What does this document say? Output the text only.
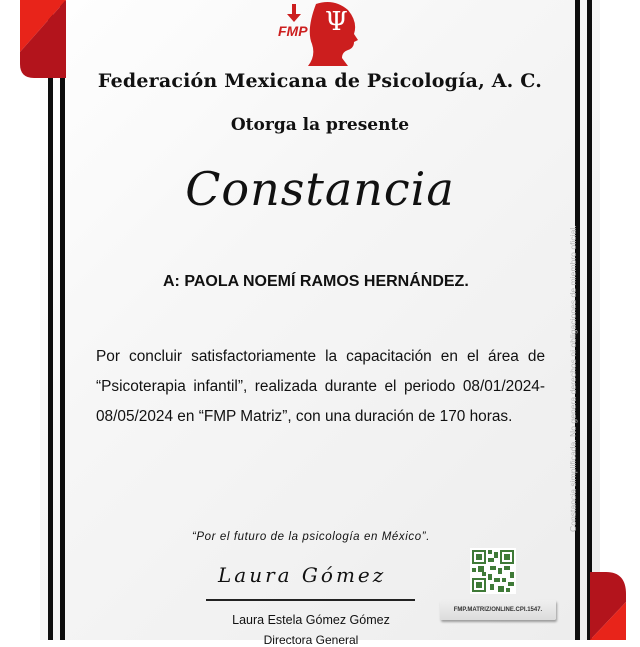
Ψ
FMP
Federación Mexicana de Psicología, A. C.
Otorga la presente
Constancia
A: PAOLA NOEMÍ RAMOS HERNÁNDEZ.
Por concluir satisfactoriamente la capacitación en el área de “Psicoterapia infantil”, realizada durante el periodo 08/01/2024-08/05/2024 en “FMP Matriz”, con una duración de 170 horas.	Constancia simplificada. No genera derechos ni obligaciones de miembro oficial.
“Por el futuro de la psicología en México”.
Laura Gómez
Laura Estela Gómez Gómez
Directora General
FMP.MATRIZ/ONLINE.CPI.1547.
